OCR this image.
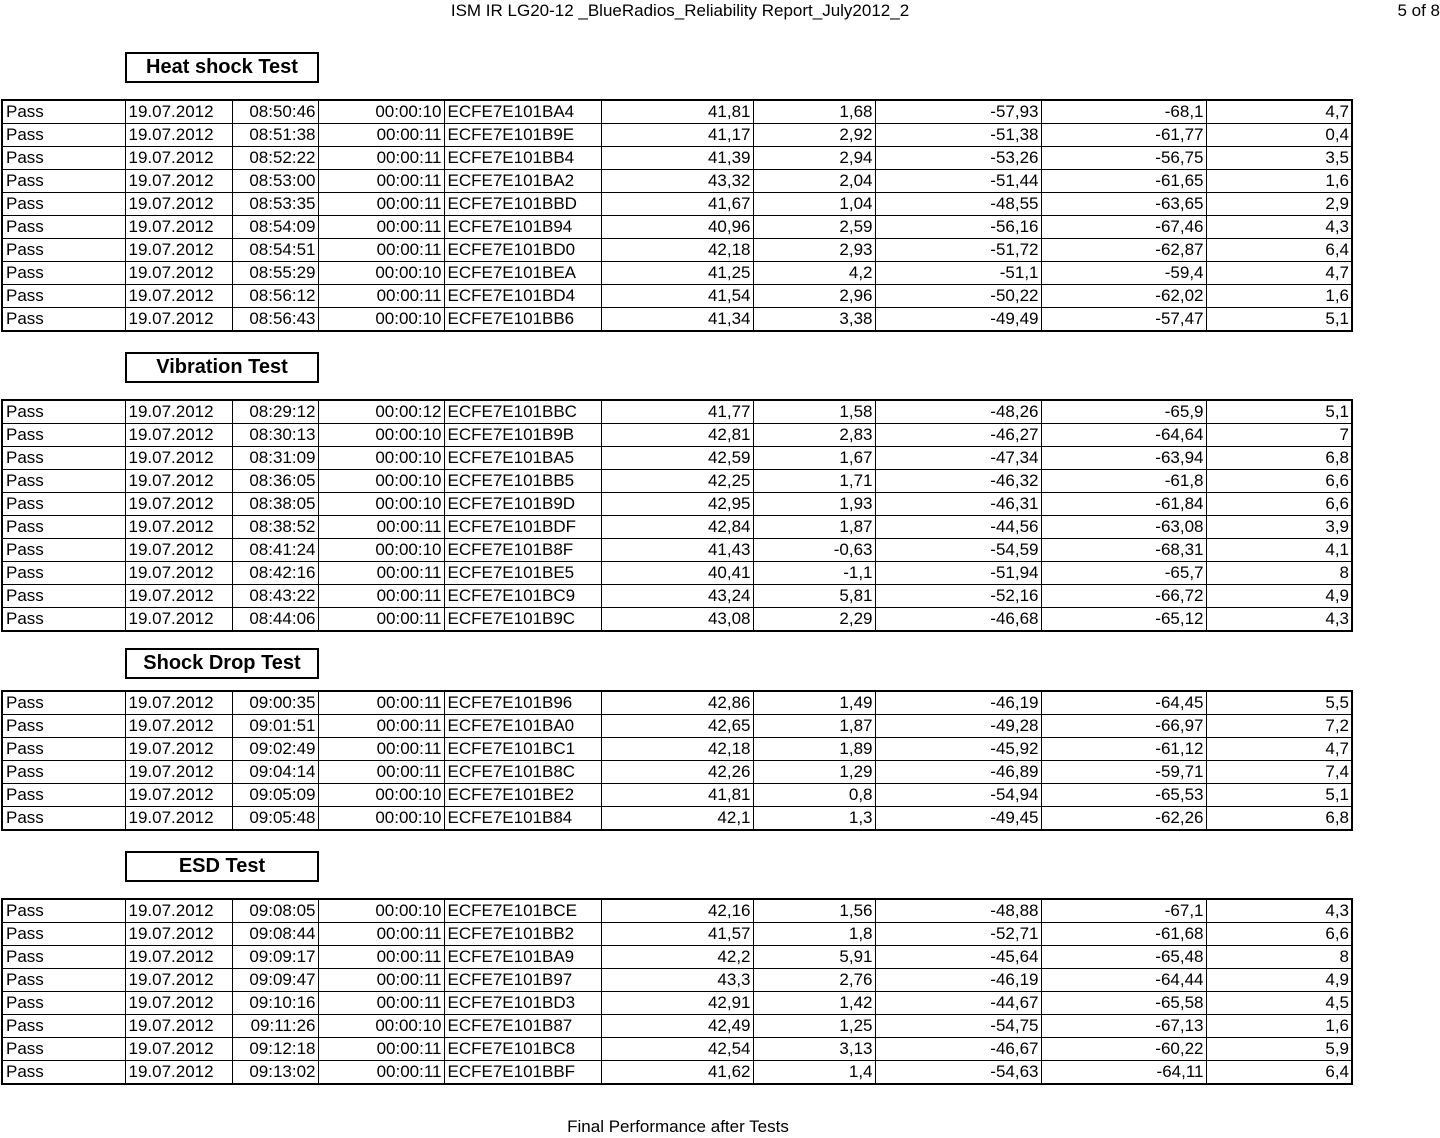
ISM IR LG20-12 _BlueRadios_Reliability Report_July2012_2	5 of 8
Heat shock Test
Pass	19.07.2012	08:50:46	00:00:10	ECFE7E101BA4	41,81	1,68	-57,93	-68,1	4,7
Pass	19.07.2012	08:51:38	00:00:11	ECFE7E101B9E	41,17	2,92	-51,38	-61,77	0,4
Pass	19.07.2012	08:52:22	00:00:11	ECFE7E101BB4	41,39	2,94	-53,26	-56,75	3,5
Pass	19.07.2012	08:53:00	00:00:11	ECFE7E101BA2	43,32	2,04	-51,44	-61,65	1,6
Pass	19.07.2012	08:53:35	00:00:11	ECFE7E101BBD	41,67	1,04	-48,55	-63,65	2,9
Pass	19.07.2012	08:54:09	00:00:11	ECFE7E101B94	40,96	2,59	-56,16	-67,46	4,3
Pass	19.07.2012	08:54:51	00:00:11	ECFE7E101BD0	42,18	2,93	-51,72	-62,87	6,4
Pass	19.07.2012	08:55:29	00:00:10	ECFE7E101BEA	41,25	4,2	-51,1	-59,4	4,7
Pass	19.07.2012	08:56:12	00:00:11	ECFE7E101BD4	41,54	2,96	-50,22	-62,02	1,6
Pass	19.07.2012	08:56:43	00:00:10	ECFE7E101BB6	41,34	3,38	-49,49	-57,47	5,1
Vibration Test
Pass	19.07.2012	08:29:12	00:00:12	ECFE7E101BBC	41,77	1,58	-48,26	-65,9	5,1
Pass	19.07.2012	08:30:13	00:00:10	ECFE7E101B9B	42,81	2,83	-46,27	-64,64	7
Pass	19.07.2012	08:31:09	00:00:10	ECFE7E101BA5	42,59	1,67	-47,34	-63,94	6,8
Pass	19.07.2012	08:36:05	00:00:10	ECFE7E101BB5	42,25	1,71	-46,32	-61,8	6,6
Pass	19.07.2012	08:38:05	00:00:10	ECFE7E101B9D	42,95	1,93	-46,31	-61,84	6,6
Pass	19.07.2012	08:38:52	00:00:11	ECFE7E101BDF	42,84	1,87	-44,56	-63,08	3,9
Pass	19.07.2012	08:41:24	00:00:10	ECFE7E101B8F	41,43	-0,63	-54,59	-68,31	4,1
Pass	19.07.2012	08:42:16	00:00:11	ECFE7E101BE5	40,41	-1,1	-51,94	-65,7	8
Pass	19.07.2012	08:43:22	00:00:11	ECFE7E101BC9	43,24	5,81	-52,16	-66,72	4,9
Pass	19.07.2012	08:44:06	00:00:11	ECFE7E101B9C	43,08	2,29	-46,68	-65,12	4,3
Shock Drop Test
Pass	19.07.2012	09:00:35	00:00:11	ECFE7E101B96	42,86	1,49	-46,19	-64,45	5,5
Pass	19.07.2012	09:01:51	00:00:11	ECFE7E101BA0	42,65	1,87	-49,28	-66,97	7,2
Pass	19.07.2012	09:02:49	00:00:11	ECFE7E101BC1	42,18	1,89	-45,92	-61,12	4,7
Pass	19.07.2012	09:04:14	00:00:11	ECFE7E101B8C	42,26	1,29	-46,89	-59,71	7,4
Pass	19.07.2012	09:05:09	00:00:10	ECFE7E101BE2	41,81	0,8	-54,94	-65,53	5,1
Pass	19.07.2012	09:05:48	00:00:10	ECFE7E101B84	42,1	1,3	-49,45	-62,26	6,8
ESD Test
Pass	19.07.2012	09:08:05	00:00:10	ECFE7E101BCE	42,16	1,56	-48,88	-67,1	4,3
Pass	19.07.2012	09:08:44	00:00:11	ECFE7E101BB2	41,57	1,8	-52,71	-61,68	6,6
Pass	19.07.2012	09:09:17	00:00:11	ECFE7E101BA9	42,2	5,91	-45,64	-65,48	8
Pass	19.07.2012	09:09:47	00:00:11	ECFE7E101B97	43,3	2,76	-46,19	-64,44	4,9
Pass	19.07.2012	09:10:16	00:00:11	ECFE7E101BD3	42,91	1,42	-44,67	-65,58	4,5
Pass	19.07.2012	09:11:26	00:00:10	ECFE7E101B87	42,49	1,25	-54,75	-67,13	1,6
Pass	19.07.2012	09:12:18	00:00:11	ECFE7E101BC8	42,54	3,13	-46,67	-60,22	5,9
Pass	19.07.2012	09:13:02	00:00:11	ECFE7E101BBF	41,62	1,4	-54,63	-64,11	6,4
Final Performance after Tests
